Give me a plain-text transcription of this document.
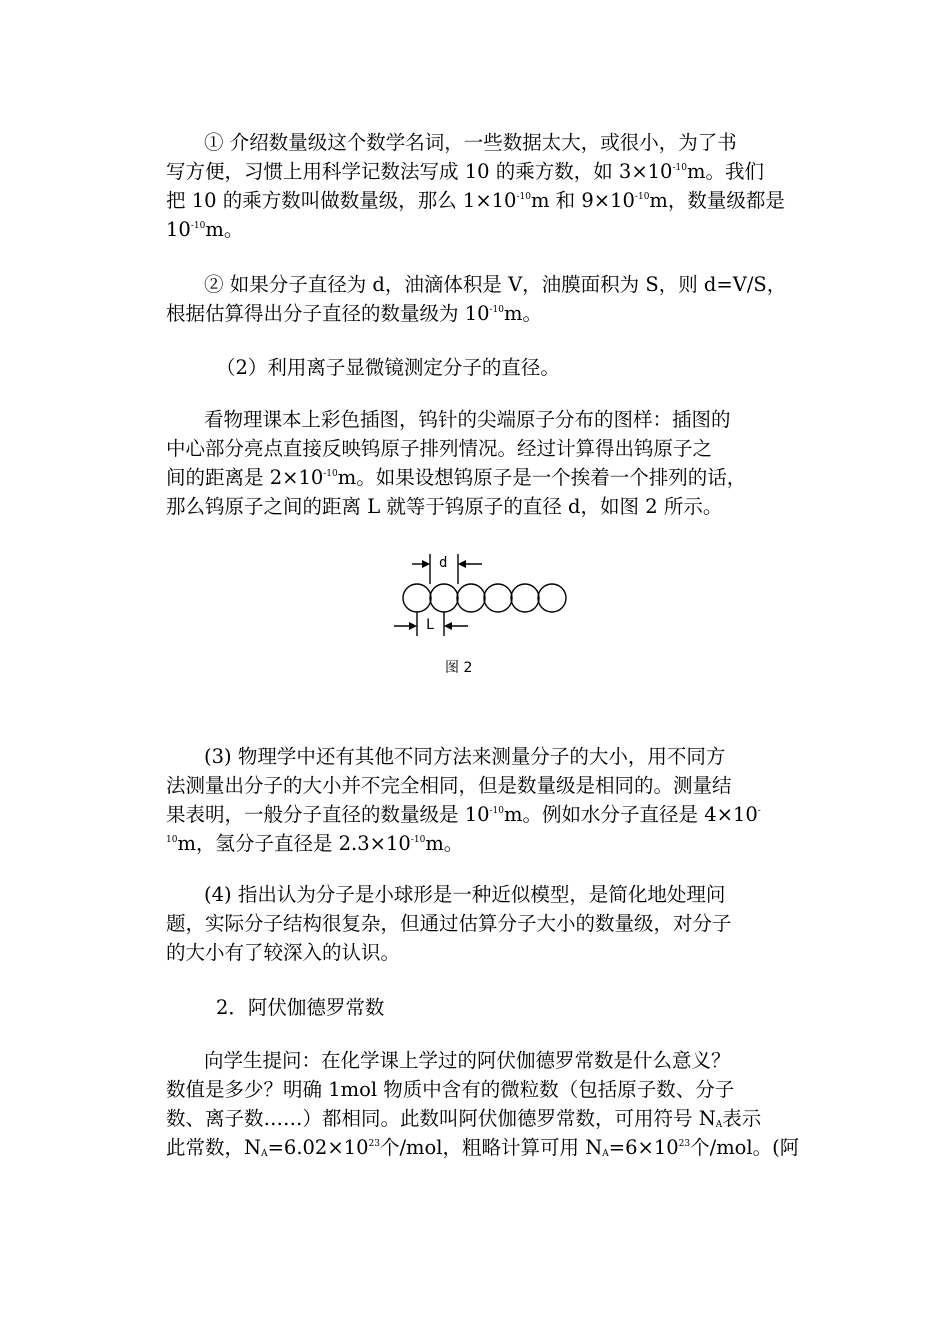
① 介绍数量级这个数学名词，一些数据太大，或很小，为了书
写方便，习惯上用科学记数法写成 10 的乘方数，如 $3\times 10^{-10}m$。我们
把 10 的乘方数叫做数量级，那么 $1\times 10^{-10}m$ 和 $9\times 10^{-10}m$，数量级都是
$10^{-10}m$。
② 如果分子直径为 d，油滴体积是 V，油膜面积为 S，则 d=V/S，
根据估算得出分子直径的数量级为 $10^{-10}m$。
（2）利用离子显微镜测定分子的直径。
看物理课本上彩色插图，钨针的尖端原子分布的图样：插图的
中心部分亮点直接反映钨原子排列情况。经过计算得出钨原子之
间的距离是 $2\times 10^{-10}m$。如果设想钨原子是一个挨着一个排列的话，
那么钨原子之间的距离 L 就等于钨原子的直径 d，如图 2 所示。
(3) 物理学中还有其他不同方法来测量分子的大小，用不同方
法测量出分子的大小并不完全相同，但是数量级是相同的。测量结
果表明，一般分子直径的数量级是 $10^{-10}m$。例如水分子直径是 4×10-
$^{10}$m，氢分子直径是 $2.3\times 10^{-10}m$。
(4) 指出认为分子是小球形是一种近似模型，是简化地处理问
题，实际分子结构很复杂，但通过估算分子大小的数量级，对分子
的大小有了较深入的认识。
2．阿伏伽德罗常数
向学生提问：在化学课上学过的阿伏伽德罗常数是什么意义？
数值是多少？明确 1mol 物质中含有的微粒数（包括原子数、分子
数、离子数……）都相同。此数叫阿伏伽德罗常数，可用符号 $N_A$表示
此常数，$N_A=6.02\times 10^{23}$个/mol，粗略计算可用 $N_A=6\times 10^{23}$个/mol。(阿
d
L
图 2
